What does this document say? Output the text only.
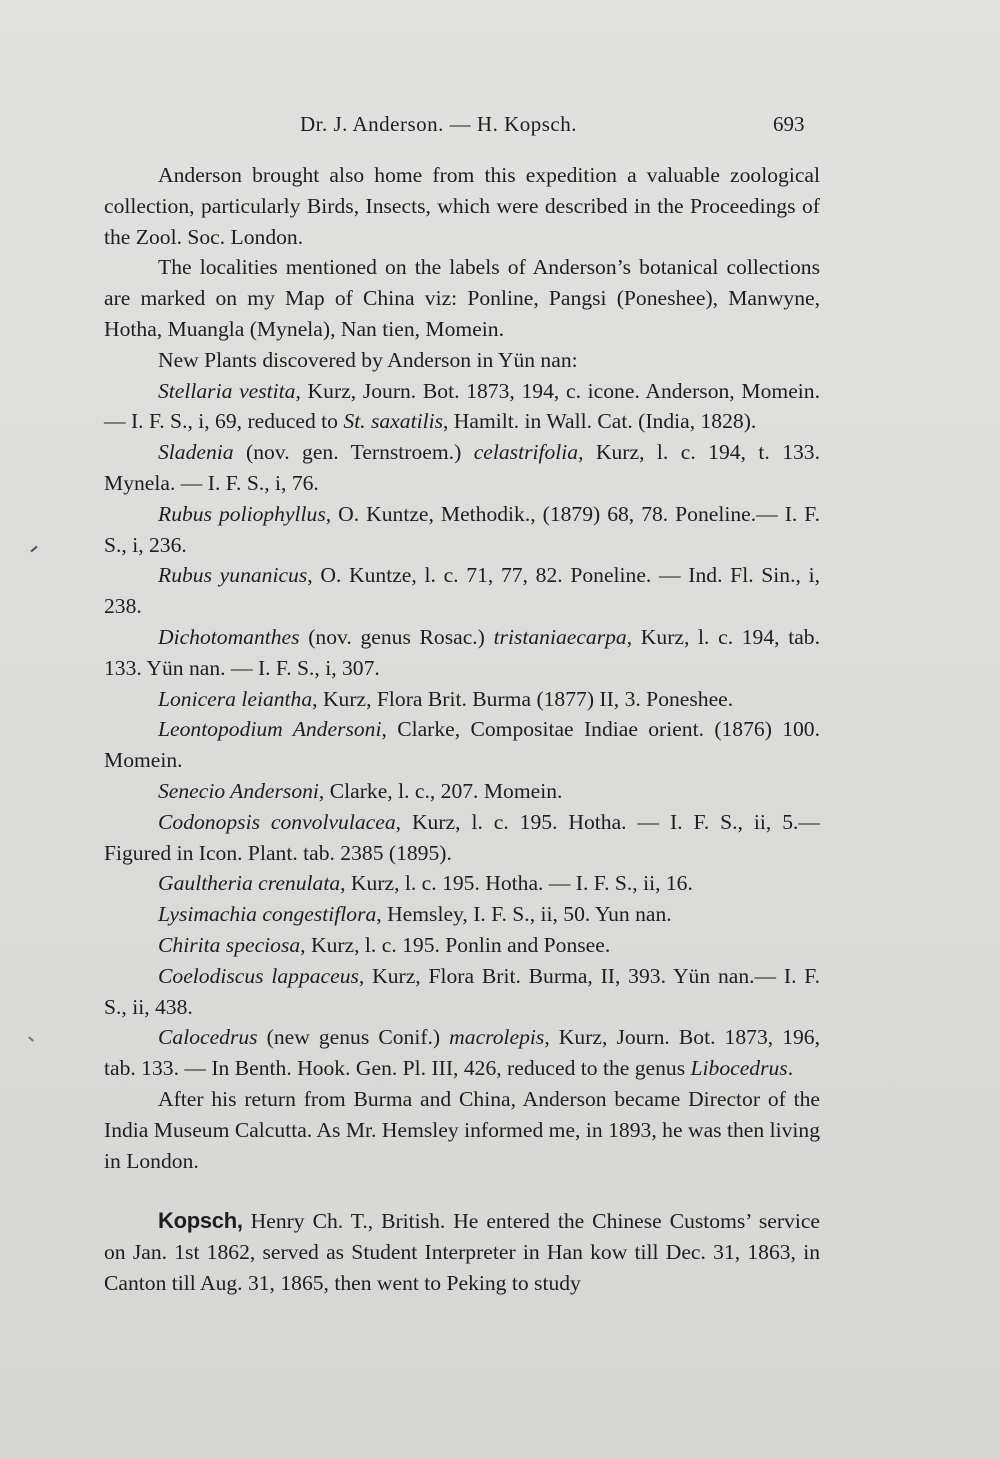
Dr. J. Anderson. — H. Kopsch.	693

Anderson brought also home from this expedition a valuable zoological collection, particularly Birds, Insects, which were described in the Proceedings of the Zool. Soc. London.

The localities mentioned on the labels of Anderson’s botanical collections are marked on my Map of China viz: Ponline, Pangsi (Poneshee), Manwyne, Hotha, Muangla (Mynela), Nan tien, Momein.

New Plants discovered by Anderson in Yün nan:

Stellaria vestita, Kurz, Journ. Bot. 1873, 194, c. icone. Anderson, Momein. — I. F. S., i, 69, reduced to St. saxatilis, Hamilt. in Wall. Cat. (India, 1828).

Sladenia (nov. gen. Ternstroem.) celastrifolia, Kurz, l. c. 194, t. 133. Mynela. — I. F. S., i, 76.

Rubus poliophyllus, O. Kuntze, Methodik., (1879) 68, 78. Poneline.— I. F. S., i, 236.

Rubus yunanicus, O. Kuntze, l. c. 71, 77, 82. Poneline. — Ind. Fl. Sin., i, 238.

Dichotomanthes (nov. genus Rosac.) tristaniaecarpa, Kurz, l. c. 194, tab. 133. Yün nan. — I. F. S., i, 307.

Lonicera leiantha, Kurz, Flora Brit. Burma (1877) II, 3. Poneshee.

Leontopodium Andersoni, Clarke, Compositae Indiae orient. (1876) 100. Momein.

Senecio Andersoni, Clarke, l. c., 207. Momein.

Codonopsis convolvulacea, Kurz, l. c. 195. Hotha. — I. F. S., ii, 5.— Figured in Icon. Plant. tab. 2385 (1895).

Gaultheria crenulata, Kurz, l. c. 195. Hotha. — I. F. S., ii, 16.

Lysimachia congestiflora, Hemsley, I. F. S., ii, 50. Yun nan.

Chirita speciosa, Kurz, l. c. 195. Ponlin and Ponsee.

Coelodiscus lappaceus, Kurz, Flora Brit. Burma, II, 393. Yün nan.— I. F. S., ii, 438.

Calocedrus (new genus Conif.) macrolepis, Kurz, Journ. Bot. 1873, 196, tab. 133. — In Benth. Hook. Gen. Pl. III, 426, reduced to the genus Libocedrus.

After his return from Burma and China, Anderson became Director of the India Museum Calcutta. As Mr. Hemsley informed me, in 1893, he was then living in London.

Kopsch, Henry Ch. T., British. He entered the Chinese Customs’ service on Jan. 1st 1862, served as Student Interpreter in Han kow till Dec. 31, 1863, in Canton till Aug. 31, 1865, then went to Peking to study
